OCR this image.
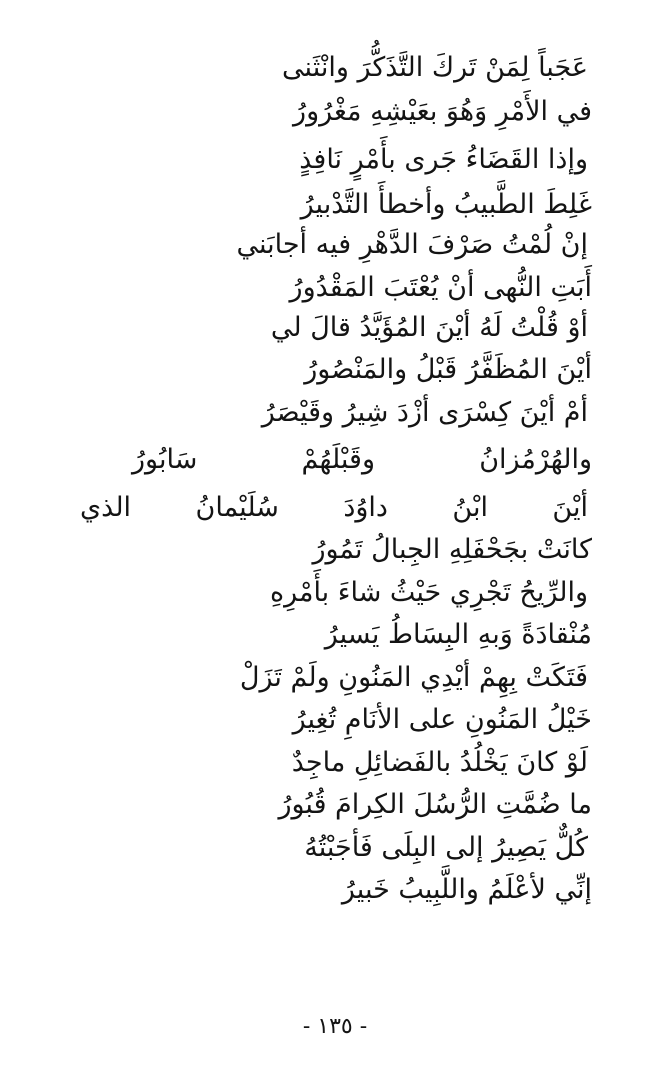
عَجَباً لِمَنْ تَركَ التَّذَكُّرَ وانْثَنى
في الأَمْرِ وَهُوَ بعَيْشِهِ مَغْرُورُ
وإذا القَضَاءُ جَرى بأَمْرٍ نَافِذٍ
غَلِطَ الطَّبيبُ وأخطأَ التَّدْبيرُ
إنْ لُمْتُ صَرْفَ الدَّهْرِ فيه أجابَني
أَبَتِ النُّهى أنْ يُعْتَبَ المَقْدُورُ
أوْ قُلْتُ لَهُ أيْنَ المُؤَيَّدُ قالَ لي
أيْنَ المُظَفَّرُ قَبْلُ والمَنْصُورُ
أمْ أيْنَ كِسْرَى أزْدَ شِيرُ وقَيْصَرُ
والهُرْمُزانُ
وقَبْلَهُمْ
سَابُورُ
أيْنَ
ابْنُ
داوُدَ
سُلَيْمانُ
الذي
كانَتْ بجَحْفَلِهِ الجِبالُ تَمُورُ
والرِّيحُ تَجْرِي حَيْثُ شاءَ بأَمْرِهِ
مُنْقادَةً وَبهِ البِسَاطُ يَسيرُ
فَتَكَتْ بِهِمْ أيْدِي المَنُونِ ولَمْ تَزَلْ
خَيْلُ المَنُونِ على الأنَامِ تُغِيرُ
لَوْ كانَ يَخْلُدُ بالفَضائِلِ ماجِدٌ
ما ضُمَّتِ الرُّسُلَ الكِرامَ قُبُورُ
كُلٌّ يَصِيرُ إلى البِلَى فَأجَبْتُهُ
إنِّي لأعْلَمُ واللَّبِيبُ خَبيرُ
- ١٣٥ -
